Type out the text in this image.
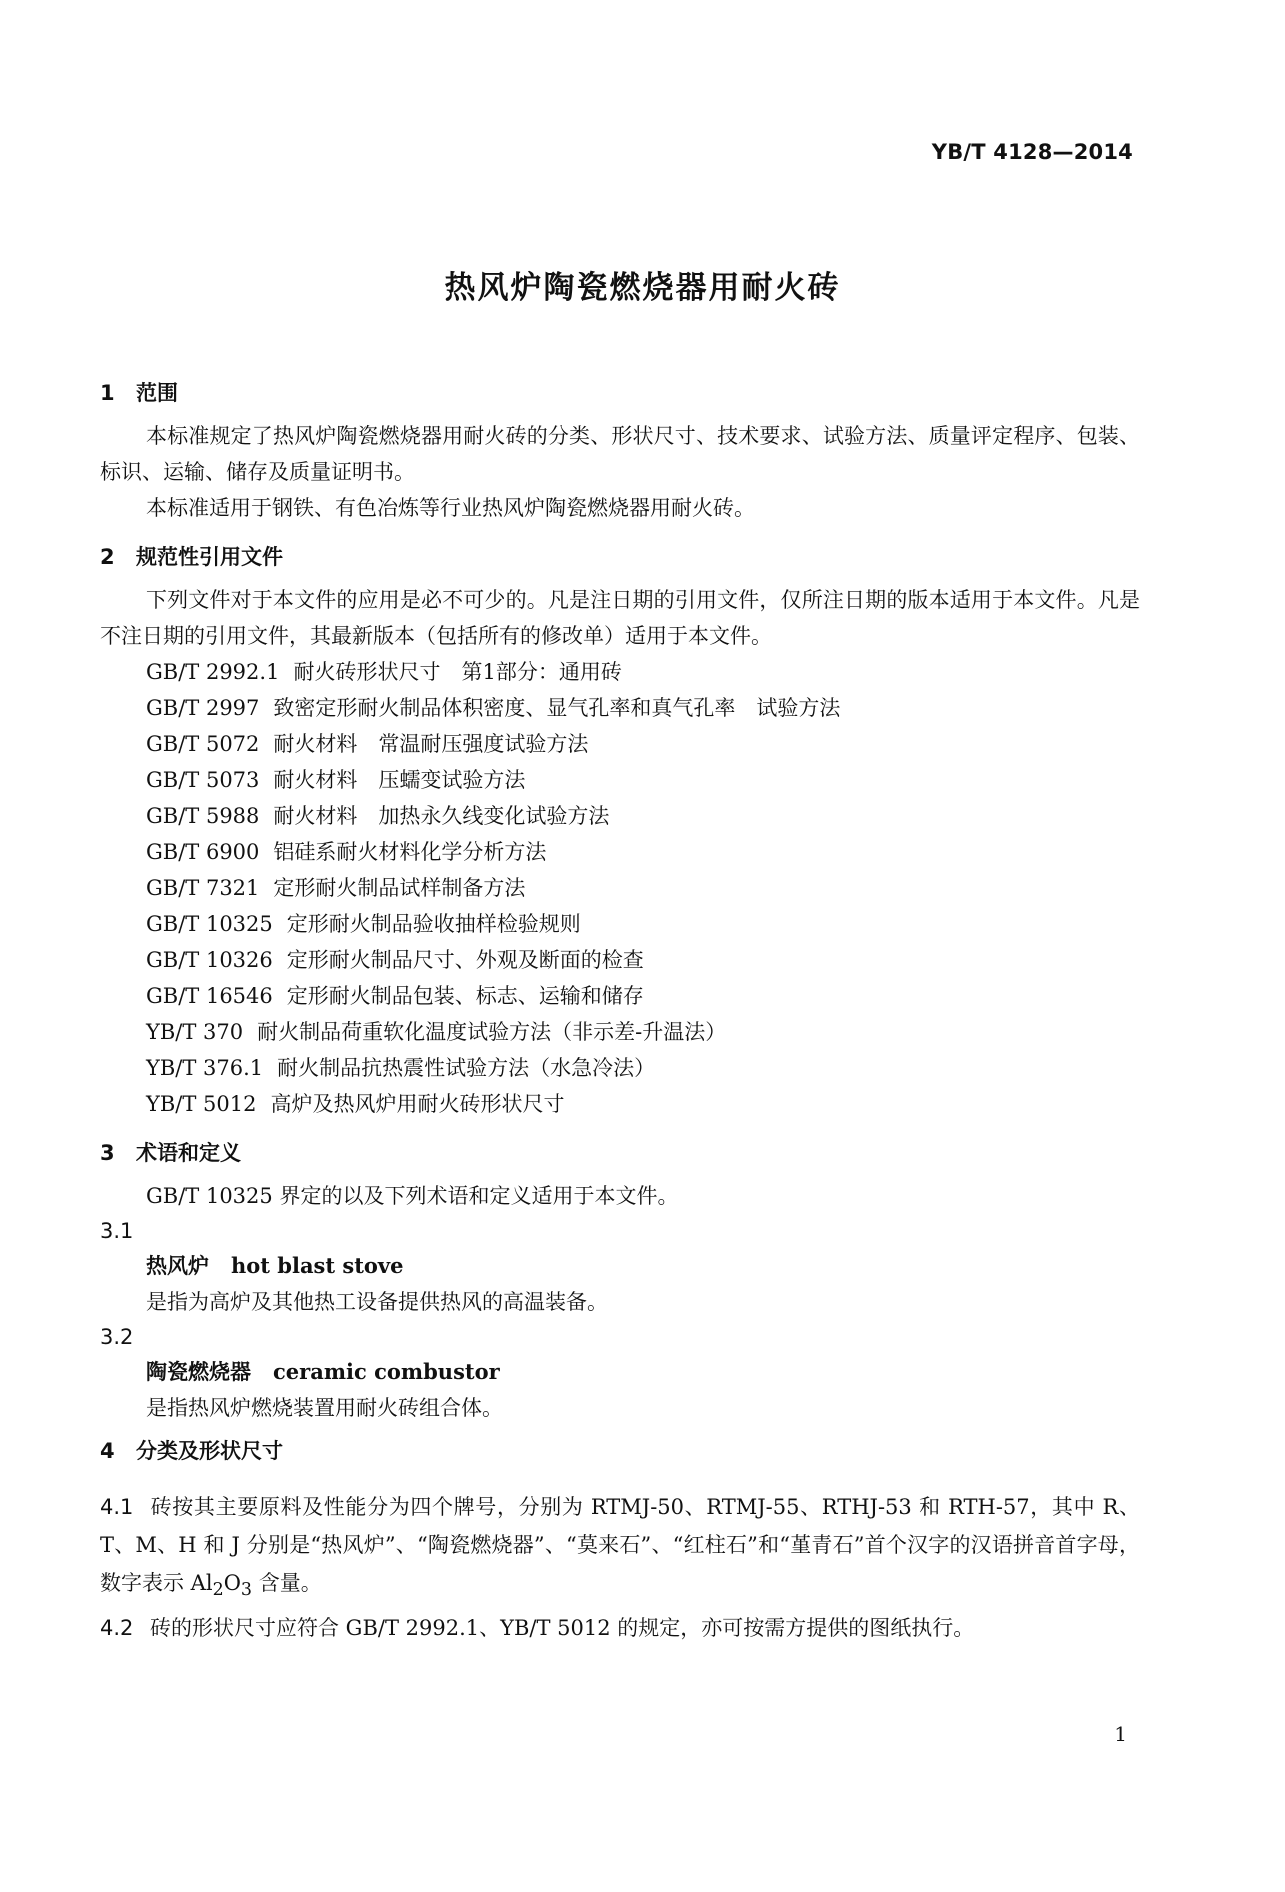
YB/T 4128—2014
热风炉陶瓷燃烧器用耐火砖
1 范围
本标准规定了热风炉陶瓷燃烧器用耐火砖的分类、形状尺寸、技术要求、试验方法、质量评定程序、包装、标识、运输、储存及质量证明书。
本标准适用于钢铁、有色冶炼等行业热风炉陶瓷燃烧器用耐火砖。
2 规范性引用文件
下列文件对于本文件的应用是必不可少的。凡是注日期的引用文件，仅所注日期的版本适用于本文件。凡是不注日期的引用文件，其最新版本（包括所有的修改单）适用于本文件。
GB/T 2992.1 耐火砖形状尺寸　第1部分：通用砖
GB/T 2997 致密定形耐火制品体积密度、显气孔率和真气孔率　试验方法
GB/T 5072 耐火材料　常温耐压强度试验方法
GB/T 5073 耐火材料　压蠕变试验方法
GB/T 5988 耐火材料　加热永久线变化试验方法
GB/T 6900 铝硅系耐火材料化学分析方法
GB/T 7321 定形耐火制品试样制备方法
GB/T 10325 定形耐火制品验收抽样检验规则
GB/T 10326 定形耐火制品尺寸、外观及断面的检查
GB/T 16546 定形耐火制品包装、标志、运输和储存
YB/T 370 耐火制品荷重软化温度试验方法（非示差-升温法）
YB/T 376.1 耐火制品抗热震性试验方法（水急冷法）
YB/T 5012 高炉及热风炉用耐火砖形状尺寸
3 术语和定义
GB/T 10325 界定的以及下列术语和定义适用于本文件。
3.1
热风炉 hot blast stove
是指为高炉及其他热工设备提供热风的高温装备。
3.2
陶瓷燃烧器 ceramic combustor
是指热风炉燃烧装置用耐火砖组合体。
4 分类及形状尺寸
4.1 砖按其主要原料及性能分为四个牌号，分别为 RTMJ-50、RTMJ-55、RTHJ-53 和 RTH-57，其中 R、T、M、H 和 J 分别是“热风炉”、“陶瓷燃烧器”、“莫来石”、“红柱石”和“堇青石”首个汉字的汉语拼音首字母，数字表示 $Al_2O_3$ 含量。
4.2 砖的形状尺寸应符合 GB/T 2992.1、YB/T 5012 的规定，亦可按需方提供的图纸执行。
1
